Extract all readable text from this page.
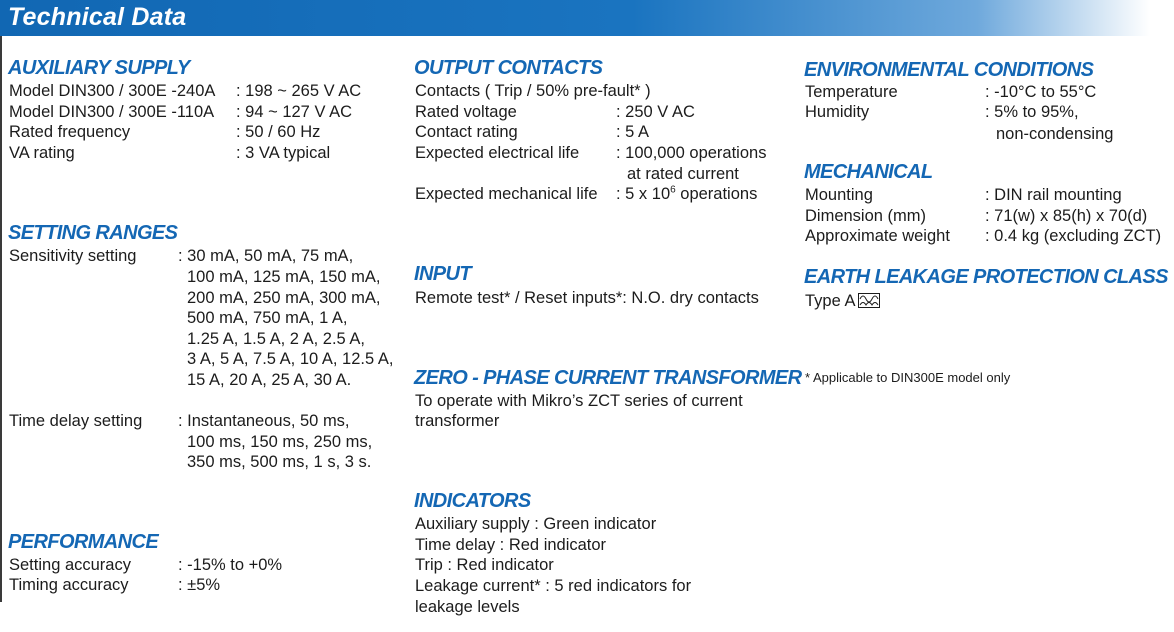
Technical Data
AUXILIARY SUPPLY
Model DIN300 / 300E -240A : 198 ~ 265 V AC
Model DIN300 / 300E -110A : 94 ~ 127 V AC
Rated frequency	: 50 / 60 Hz
VA rating	: 3 VA typical
SETTING RANGES
Sensitivity setting	: 30 mA, 50 mA, 75 mA,
100 mA, 125 mA, 150 mA,
200 mA, 250 mA, 300 mA,
500 mA, 750 mA, 1 A,
1.25 A, 1.5 A, 2 A, 2.5 A,
3 A, 5 A, 7.5 A, 10 A, 12.5 A,
15 A, 20 A, 25 A, 30 A.
Time delay setting : Instantaneous, 50 ms,
100 ms, 150 ms, 250 ms,
350 ms, 500 ms, 1 s, 3 s.
PERFORMANCE
Setting accuracy	: -15% to +0%
Timing accuracy	: ±5%
OUTPUT CONTACTS
Contacts ( Trip / 50% pre-fault* )
Rated voltage	: 250 V AC
Contact rating	: 5 A
Expected electrical life : 100,000 operations
at rated current
Expected mechanical life : 5 x $10^6$ operations
INPUT
Remote test* / Reset inputs*: N.O. dry contacts
ZERO - PHASE CURRENT TRANSFORMER
To operate with Mikro’s ZCT series of current
transformer
INDICATORS
Auxiliary supply : Green indicator
Time delay : Red indicator
Trip : Red indicator
Leakage current* : 5 red indicators for
leakage levels
ENVIRONMENTAL CONDITIONS
Temperature	: -10°C to 55°C
Humidity	: 5% to 95%,
non-condensing
MECHANICAL
Mounting	: DIN rail mounting
Dimension (mm)	: 71(w) x 85(h) x 70(d)
Approximate weight : 0.4 kg (excluding ZCT)
EARTH LEAKAGE PROTECTION CLASS
Type A
* Applicable to DIN300E model only
